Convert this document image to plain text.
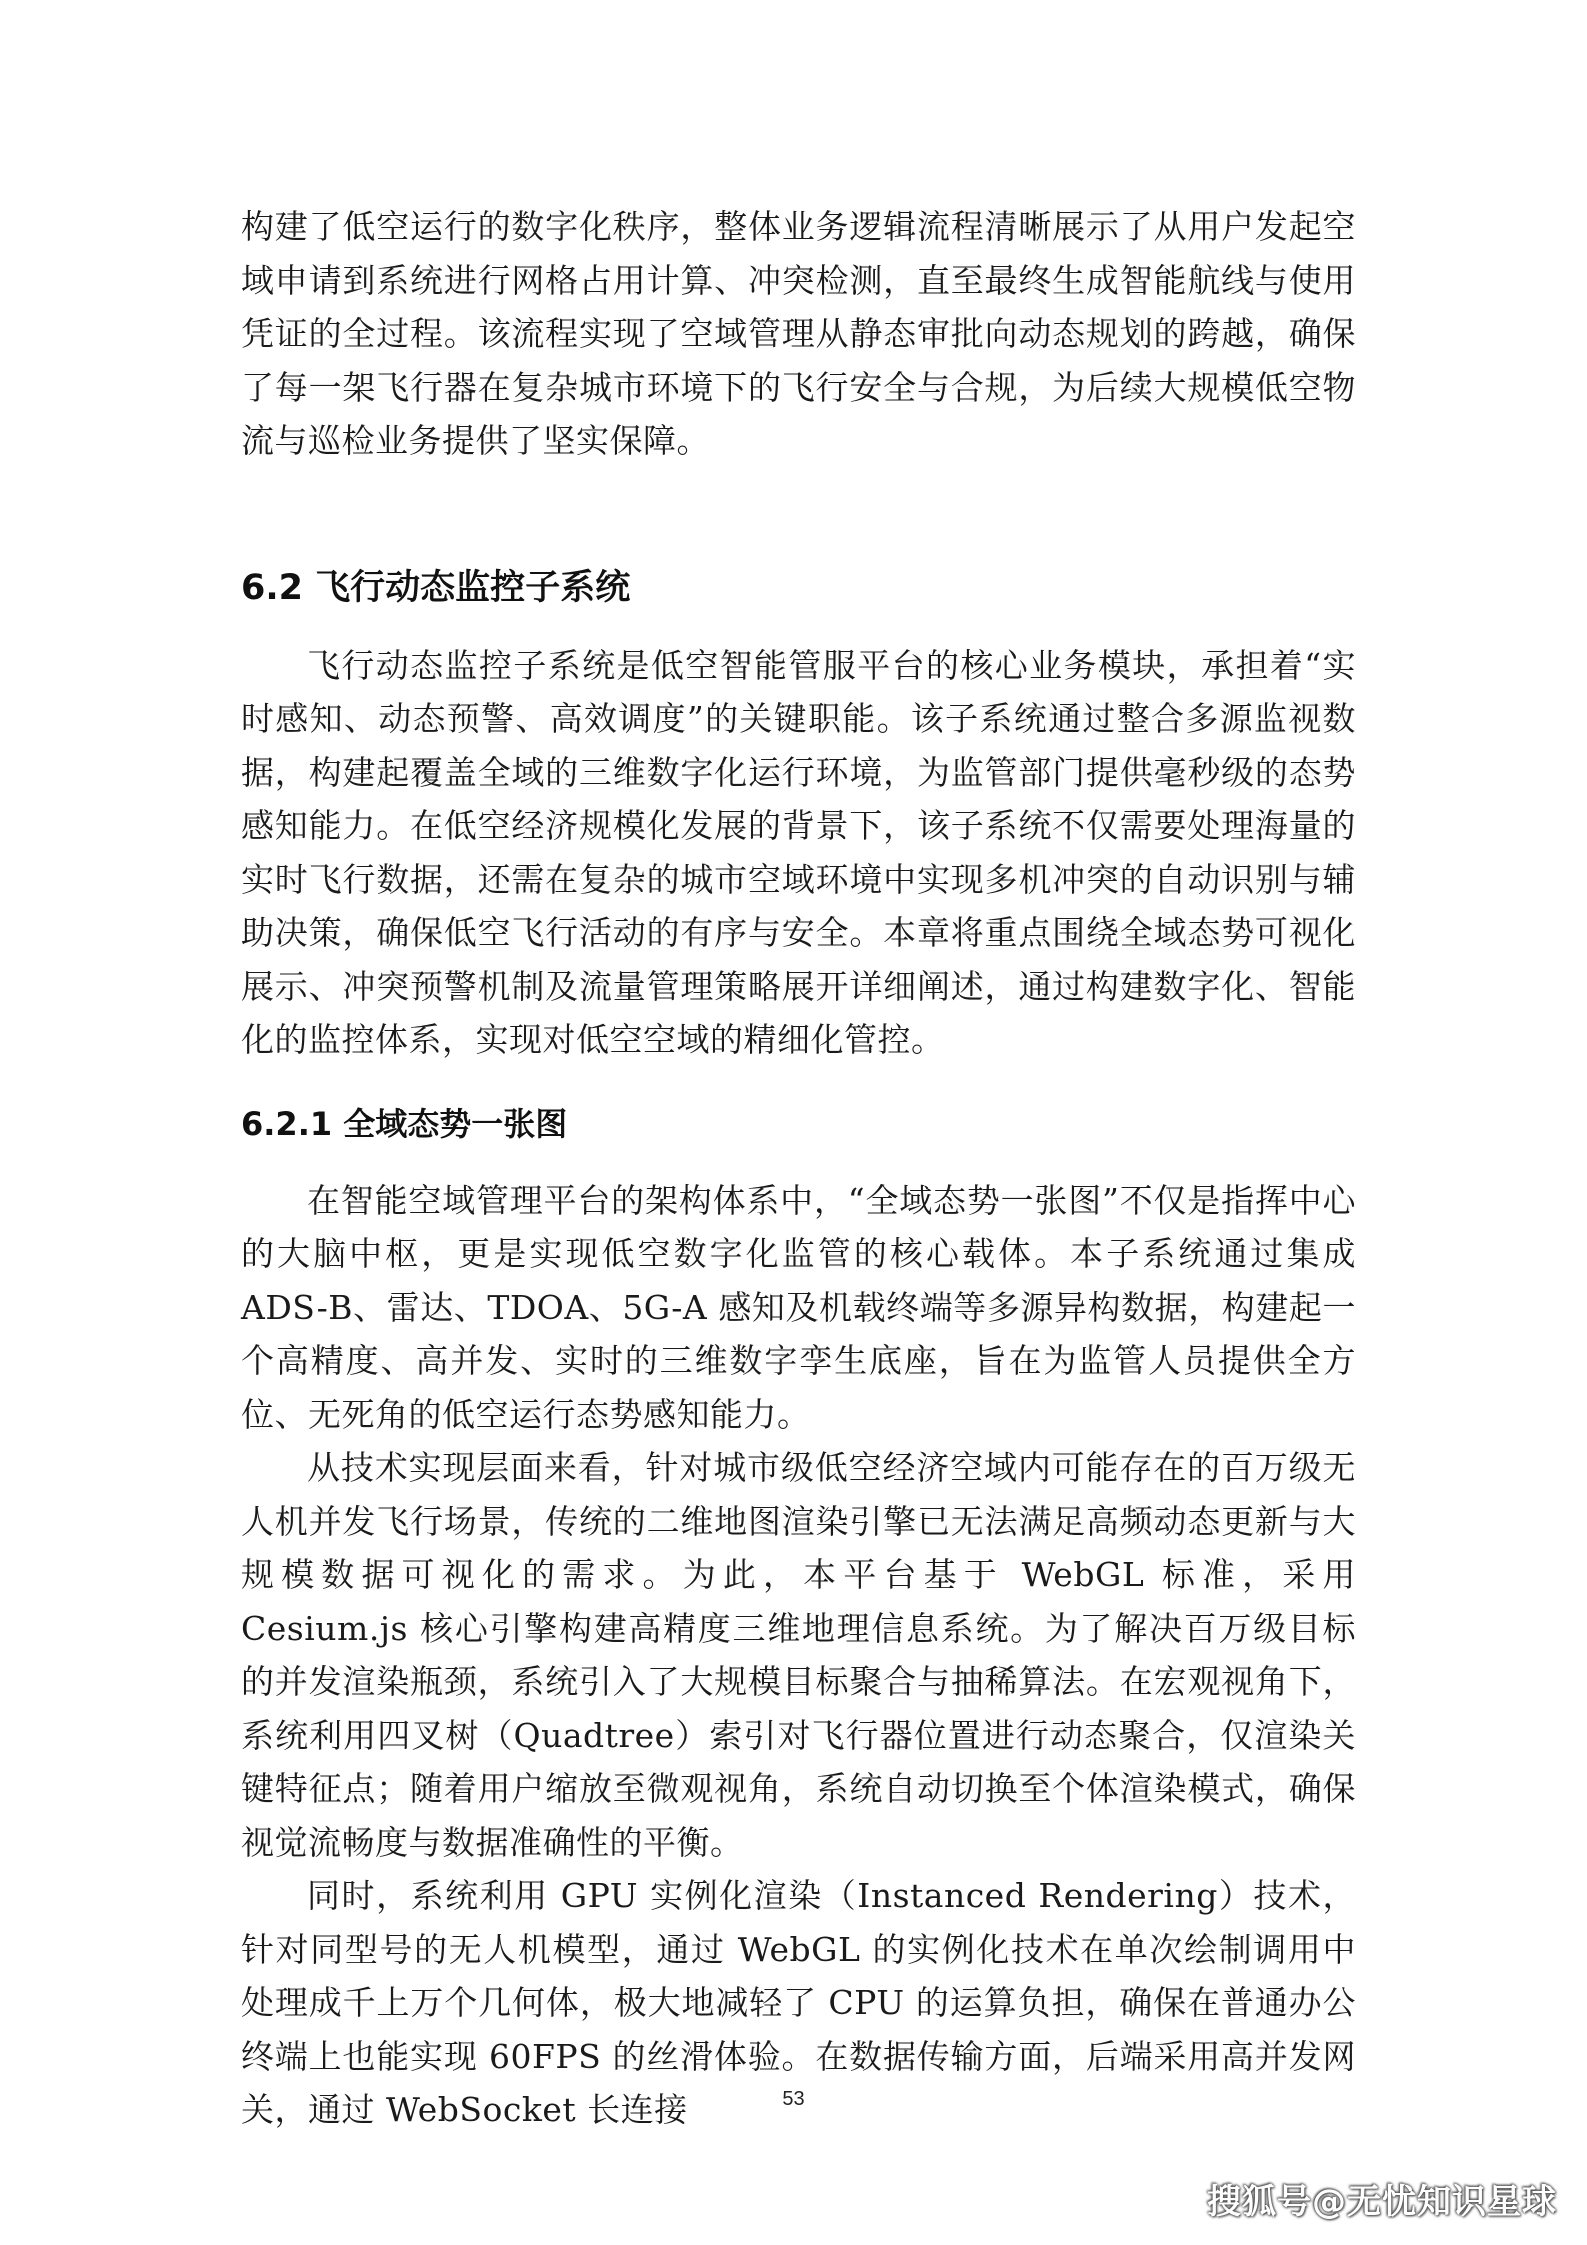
构建了低空运行的数字化秩序，整体业务逻辑流程清晰展示了从用户发起空域申请到系统进行网格占用计算、冲突检测，直至最终生成智能航线与使用凭证的全过程。该流程实现了空域管理从静态审批向动态规划的跨越，确保了每一架飞行器在复杂城市环境下的飞行安全与合规，为后续大规模低空物流与巡检业务提供了坚实保障。

6.2 飞行动态监控子系统

飞行动态监控子系统是低空智能管服平台的核心业务模块，承担着“实时感知、动态预警、高效调度”的关键职能。该子系统通过整合多源监视数据，构建起覆盖全域的三维数字化运行环境，为监管部门提供毫秒级的态势感知能力。在低空经济规模化发展的背景下，该子系统不仅需要处理海量的实时飞行数据，还需在复杂的城市空域环境中实现多机冲突的自动识别与辅助决策，确保低空飞行活动的有序与安全。本章将重点围绕全域态势可视化展示、冲突预警机制及流量管理策略展开详细阐述，通过构建数字化、智能化的监控体系，实现对低空空域的精细化管控。

6.2.1 全域态势一张图

在智能空域管理平台的架构体系中，“全域态势一张图”不仅是指挥中心的大脑中枢，更是实现低空数字化监管的核心载体。本子系统通过集成 ADS-B、雷达、TDOA、5G-A 感知及机载终端等多源异构数据，构建起一个高精度、高并发、实时的三维数字孪生底座，旨在为监管人员提供全方位、无死角的低空运行态势感知能力。

从技术实现层面来看，针对城市级低空经济空域内可能存在的百万级无人机并发飞行场景，传统的二维地图渲染引擎已无法满足高频动态更新与大规模数据可视化的需求。为此，本平台基于 WebGL 标准，采用 Cesium.js 核心引擎构建高精度三维地理信息系统。为了解决百万级目标的并发渲染瓶颈，系统引入了大规模目标聚合与抽稀算法。在宏观视角下，系统利用四叉树（Quadtree）索引对飞行器位置进行动态聚合，仅渲染关键特征点；随着用户缩放至微观视角，系统自动切换至个体渲染模式，确保视觉流畅度与数据准确性的平衡。

同时，系统利用 GPU 实例化渲染（Instanced Rendering）技术，针对同型号的无人机模型，通过 WebGL 的实例化技术在单次绘制调用中处理成千上万个几何体，极大地减轻了 CPU 的运算负担，确保在普通办公终端上也能实现 60FPS 的丝滑体验。在数据传输方面，后端采用高并发网关，通过 WebSocket 长连接	53
搜狐号@无忧知识星球
